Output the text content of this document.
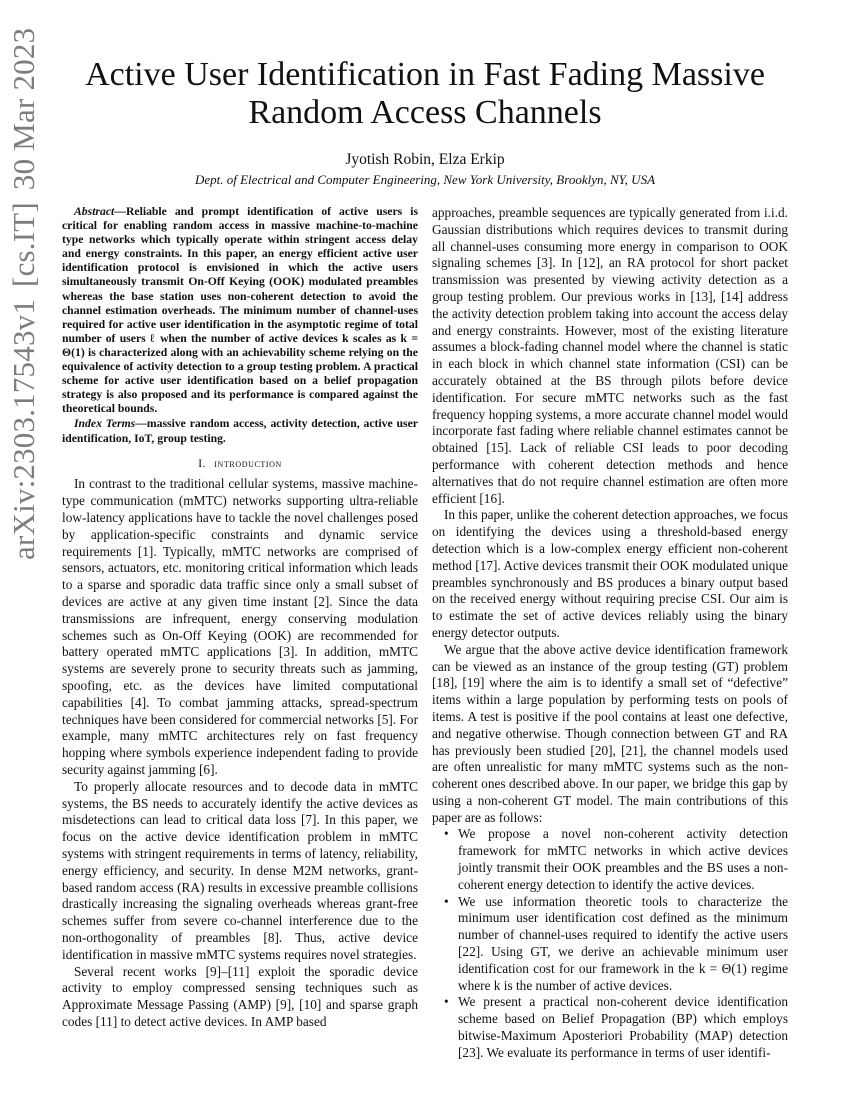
arXiv:2303.17543v1[cs.IT]30 Mar 2023	Active User Identification in Fast Fading Massive
Random Access Channels
Jyotish Robin, Elza Erkip
Dept. of Electrical and Computer Engineering, New York University, Brooklyn, NY, USA

Abstract—Reliable and prompt identification of active users is critical for enabling random access in massive machine-to-machine type networks which typically operate within stringent access delay and energy constraints. In this paper, an energy efficient active user identification protocol is envisioned in which the active users simultaneously transmit On-Off Keying (OOK) modulated preambles whereas the base station uses non-coherent detection to avoid the channel estimation overheads. The minimum number of channel-uses required for active user identification in the asymptotic regime of total number of users ℓ when the number of active devices k scales as k = Θ(1) is characterized along with an achievability scheme relying on the equivalence of activity detection to a group testing problem. A practical scheme for active user identification based on a belief propagation strategy is also proposed and its performance is compared against the theoretical bounds.

Index Terms—massive random access, activity detection, active user identification, IoT, group testing.

I. introduction

In contrast to the traditional cellular systems, massive machine-type communication (mMTC) networks supporting ultra-reliable low-latency applications have to tackle the novel challenges posed by application-specific constraints and dynamic service requirements [1]. Typically, mMTC networks are comprised of sensors, actuators, etc. monitoring critical information which leads to a sparse and sporadic data traffic since only a small subset of devices are active at any given time instant [2]. Since the data transmissions are infrequent, energy conserving modulation schemes such as On-Off Keying (OOK) are recommended for battery operated mMTC applications [3]. In addition, mMTC systems are severely prone to security threats such as jamming, spoofing, etc. as the devices have limited computational capabilities [4]. To combat jamming attacks, spread-spectrum techniques have been considered for commercial networks [5]. For example, many mMTC architectures rely on fast frequency hopping where symbols experience independent fading to provide security against jamming [6].

To properly allocate resources and to decode data in mMTC systems, the BS needs to accurately identify the active devices as misdetections can lead to critical data loss [7]. In this paper, we focus on the active device identification problem in mMTC systems with stringent requirements in terms of latency, reliability, energy efficiency, and security. In dense M2M networks, grant-based random access (RA) results in excessive preamble collisions drastically increasing the signaling overheads whereas grant-free schemes suffer from severe co-channel interference due to the non-orthogonality of preambles [8]. Thus, active device identification in massive mMTC systems requires novel strategies.

Several recent works [9]–[11] exploit the sporadic device activity to employ compressed sensing techniques such as Approximate Message Passing (AMP) [9], [10] and sparse graph codes [11] to detect active devices. In AMP based

approaches, preamble sequences are typically generated from i.i.d. Gaussian distributions which requires devices to transmit during all channel-uses consuming more energy in comparison to OOK signaling schemes [3]. In [12], an RA protocol for short packet transmission was presented by viewing activity detection as a group testing problem. Our previous works in [13], [14] address the activity detection problem taking into account the access delay and energy constraints. However, most of the existing literature assumes a block-fading channel model where the channel is static in each block in which channel state information (CSI) can be accurately obtained at the BS through pilots before device identification. For secure mMTC networks such as the fast frequency hopping systems, a more accurate channel model would incorporate fast fading where reliable channel estimates cannot be obtained [15]. Lack of reliable CSI leads to poor decoding performance with coherent detection methods and hence alternatives that do not require channel estimation are often more efficient [16].

In this paper, unlike the coherent detection approaches, we focus on identifying the devices using a threshold-based energy detection which is a low-complex energy efficient non-coherent method [17]. Active devices transmit their OOK modulated unique preambles synchronously and BS produces a binary output based on the received energy without requiring precise CSI. Our aim is to estimate the set of active devices reliably using the binary energy detector outputs.

We argue that the above active device identification framework can be viewed as an instance of the group testing (GT) problem [18], [19] where the aim is to identify a small set of “defective” items within a large population by performing tests on pools of items. A test is positive if the pool contains at least one defective, and negative otherwise. Though connection between GT and RA has previously been studied [20], [21], the channel models used are often unrealistic for many mMTC systems such as the non-coherent ones described above. In our paper, we bridge this gap by using a non-coherent GT model. The main contributions of this paper are as follows:

• We propose a novel non-coherent activity detection framework for mMTC networks in which active devices jointly transmit their OOK preambles and the BS uses a non-coherent energy detection to identify the active devices.
• We use information theoretic tools to characterize the minimum user identification cost defined as the minimum number of channel-uses required to identify the active users [22]. Using GT, we derive an achievable minimum user identification cost for our framework in the k = Θ(1) regime where k is the number of active devices.
• We present a practical non-coherent device identification scheme based on Belief Propagation (BP) which employs bitwise-Maximum Aposteriori Probability (MAP) detection [23]. We evaluate its performance in terms of user identifi-
